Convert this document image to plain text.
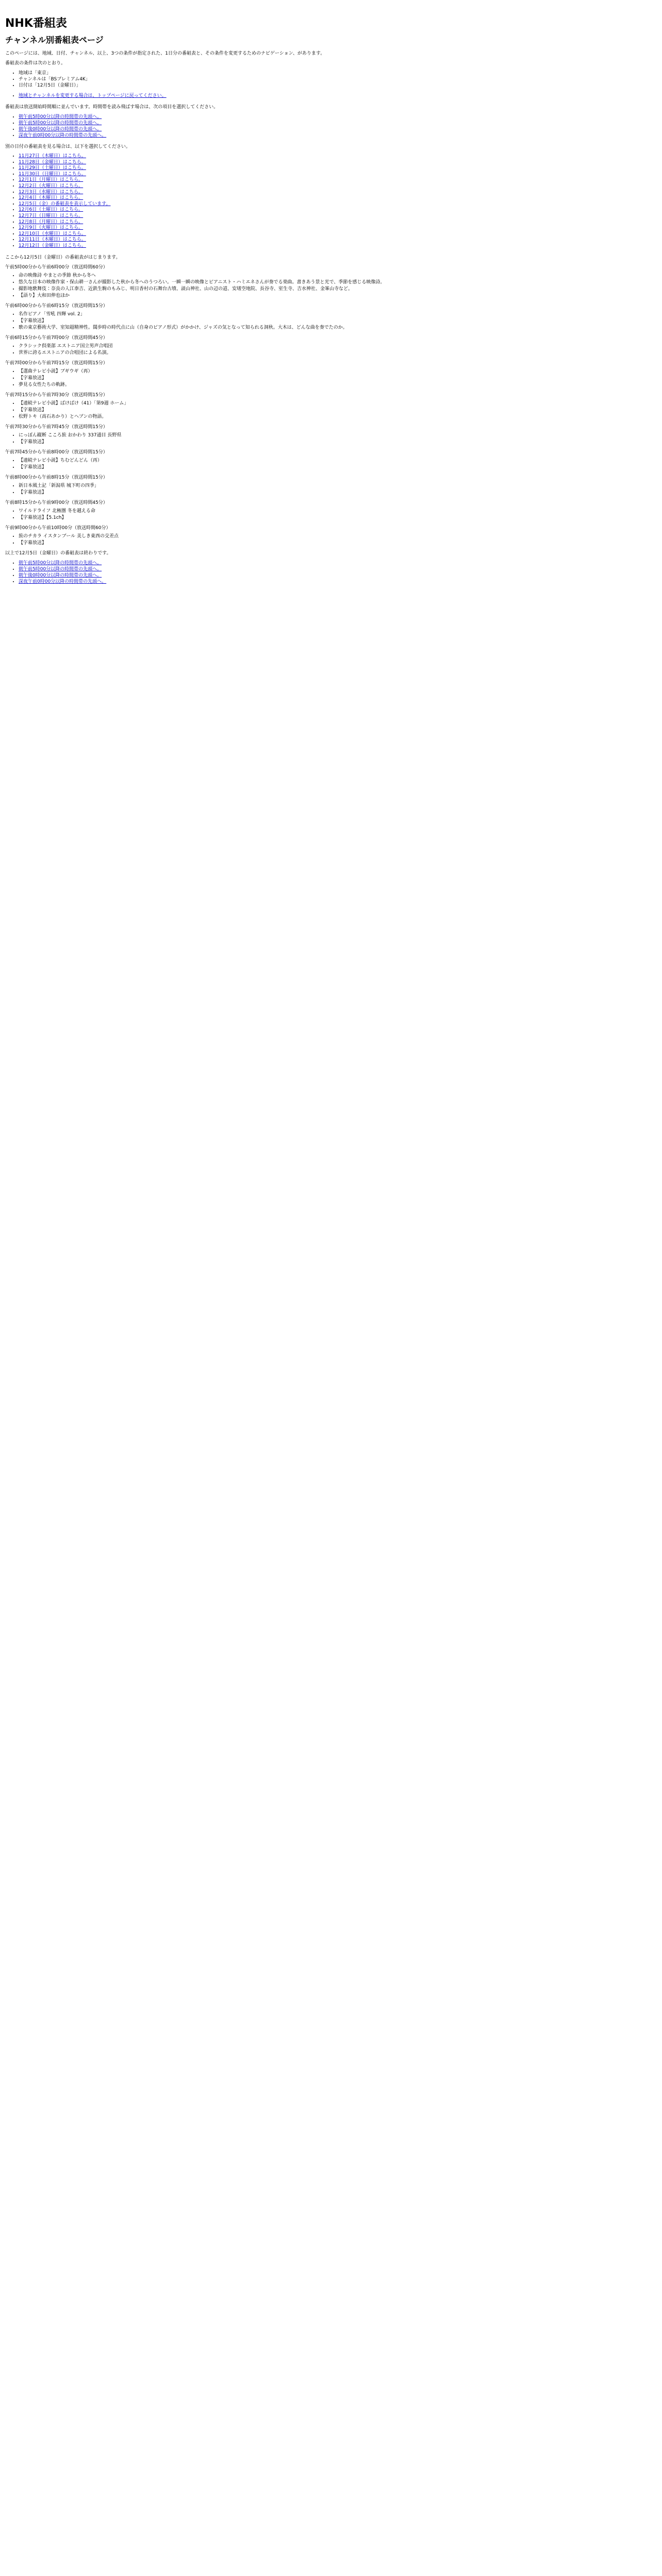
NHK番組表
チャンネル別番組表ページ

このページには、地域、日付、チャンネル、以上、3つの条件が指定された、1日分の番組表と、その条件を変更するためのナビゲーション、があります。

番組表の条件は次のとおり。

• 地域は「東京」
• チャンネルは「BSプレミアム4K」
• 日付は「12月5日（金曜日）」
• 地域とチャンネルを変更する場合は、トップページに戻ってください。

番組表は放送開始時間順に並んでいます。時間帯を読み飛ばす場合は、次の項目を選択してください。

• 朝午前5時00分以降の時間帯の先頭へ。
• 朝午前5時00分以降の時間帯の先頭へ。
• 朝午後0時00分以降の時間帯の先頭へ。
• 深夜午前0時00分以降の時間帯の先頭へ。

別の日付の番組表を見る場合は、以下を選択してください。

• 11月27日（木曜日）はこちら。
• 11月28日（金曜日）はこちら。
• 11月29日（土曜日）はこちら。
• 11月30日（日曜日）はこちら。
• 12月1日（月曜日）はこちら。
• 12月2日（火曜日）はこちら。
• 12月3日（水曜日）はこちら。
• 12月4日（木曜日）はこちら。
• 12月5日（金）の番組表を表示しています。
• 12月6日（土曜日）はこちら。
• 12月7日（日曜日）はこちら。
• 12月8日（月曜日）はこちら。
• 12月9日（火曜日）はこちら。
• 12月10日（水曜日）はこちら。
• 12月11日（木曜日）はこちら。
• 12月12日（金曜日）はこちら。

ここから12月5日（金曜日）の番組表がはじまります。

午前5時00分から午前6時00分（放送時間60分）
• 命の映像詩 やまとの季節 秋から冬へ
• 悠久な日本の映像作家・保山耕一さんが撮影した秋から冬へのうつろい。一瞬一瞬の映像とピアニスト・ハミエネさんが奏でる楽曲。書きあう景と光で、季節を感じる映像詩。
• 撮影地歌舞伎：奈良の入江泰吉、近鉄生駒のもみじ、明日香村の石舞台古墳、談山神社、山の辺の道、安堵空地院、長谷寺、室生寺、吉水神社、金峯山寺など。
• 【語り】大和田伸也ほか
午前6時00分から午前6時15分（放送時間15分）
• 名作ピアノ「雪吼 四輝 vol. 2」
• 【字幕放送】
• 歌の東京藝術大学、室知超精神性。闊歩時の時代点に山（自身のピアノ形式）がかかけ、ジャズの気となって知られる洞秋。大木は、どんな曲を奏でたのか。
午前6時15分から午前7時00分（放送時間45分）
• クラシック倶楽部 エストニア国立男声合唱団
• 世界に誇るエストニアの合唱団による名演。
午前7時00分から午前7時15分（放送時間15分）
• 【選曲テレビ小説】ブギウギ（再）
• 【字幕放送】
• 夢見る女性たちの軌跡。
午前7時15分から午前7時30分（放送時間15分）
• 【連続テレビ小説】ばけばけ（41）「第9週 ホーム」
• 【字幕放送】
• 松野トキ（高石あかり）とヘブンの物語。
午前7時30分から午前7時45分（放送時間15分）
• にっぽん縦断 こころ旅 おかわり 337通目 長野県
• 【字幕放送】
午前7時45分から午前8時00分（放送時間15分）
• 【連続テレビ小説】ちむどんどん（再）
• 【字幕放送】
午前8時00分から午前8時15分（放送時間15分）
• 新日本風土記「新潟県 城下町の四季」
• 【字幕放送】
午前8時15分から午前9時00分（放送時間45分）
• ワイルドライフ 北極圏 冬を越える命
• 【字幕放送】【5.1ch】
午前9時00分から午前10時00分（放送時間60分）
• 旅のチカラ イスタンブール 美しき東西の交差点
• 【字幕放送】

以上で12月5日（金曜日）の番組表は終わりです。

• 朝午前5時00分以降の時間帯の先頭へ。
• 朝午前5時00分以降の時間帯の先頭へ。
• 朝午後0時00分以降の時間帯の先頭へ。
• 深夜午前0時00分以降の時間帯の先頭へ。
